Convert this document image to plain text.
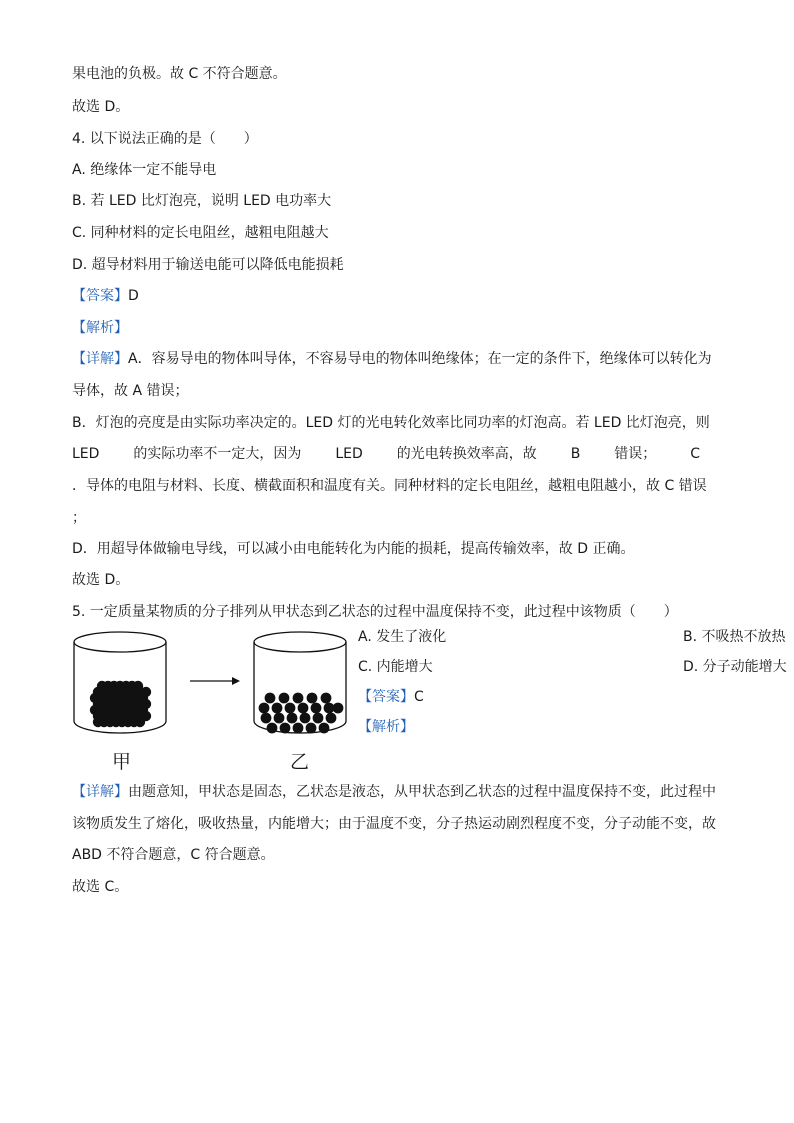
果电池的负极。故 C 不符合题意。
故选 D。
4. 以下说法正确的是（　　）
A. 绝缘体一定不能导电
B. 若 LED 比灯泡亮，说明 LED 电功率大
C. 同种材料的定长电阻丝，越粗电阻越大
D. 超导材料用于输送电能可以降低电能损耗
【答案】D
【解析】
【详解】A．容易导电的物体叫导体，不容易导电的物体叫绝缘体；在一定的条件下，绝缘体可以转化为
导体，故 A 错误；
B．灯泡的亮度是由实际功率决定的。LED 灯的光电转化效率比同功率的灯泡高。若 LED 比灯泡亮，则
LED 的实际功率不一定大，因为 LED 的光电转换效率高，故 B 错误； C
．导体的电阻与材料、长度、横截面积和温度有关。同种材料的定长电阻丝，越粗电阻越小，故 C 错误
；
D．用超导体做输电导线，可以减小由电能转化为内能的损耗，提高传输效率，故 D 正确。
故选 D。
5. 一定质量某物质的分子排列从甲状态到乙状态的过程中温度保持不变，此过程中该物质（　　）
A. 发生了液化	B. 不吸热不放热
C. 内能增大	D. 分子动能增大
【答案】C
【解析】
甲	乙
【详解】由题意知，甲状态是固态，乙状态是液态，从甲状态到乙状态的过程中温度保持不变，此过程中
该物质发生了熔化，吸收热量，内能增大；由于温度不变，分子热运动剧烈程度不变，分子动能不变，故
ABD 不符合题意，C 符合题意。
故选 C。
